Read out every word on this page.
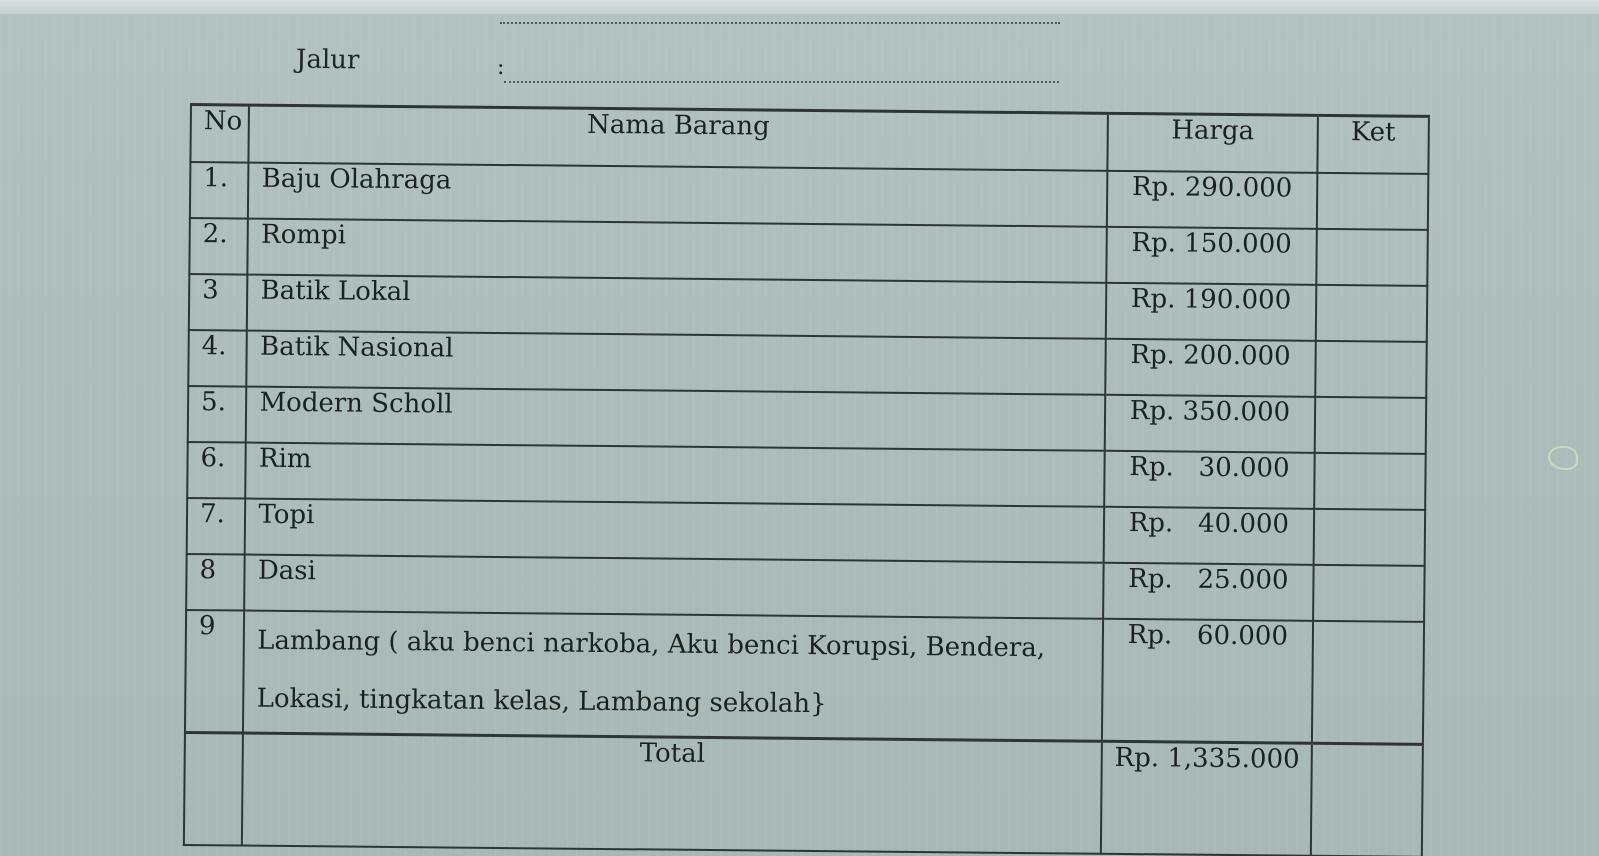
Jalur	:
No	Nama Barang	Harga	Ket
1.	Baju Olahraga	Rp. 290.000	
2.	Rompi	Rp. 150.000	
3	Batik Lokal	Rp. 190.000	
4.	Batik Nasional	Rp. 200.000	
5.	Modern Scholl	Rp. 350.000	
6.	Rim	Rp.   30.000	
7.	Topi	Rp.   40.000	
8	Dasi	Rp.   25.000	
9	Lambang ( aku benci narkoba, Aku benci Korupsi, Bendera, Lokasi, tingkatan kelas, Lambang sekolah}	Rp.   60.000	
	Total	Rp. 1,335.000	
